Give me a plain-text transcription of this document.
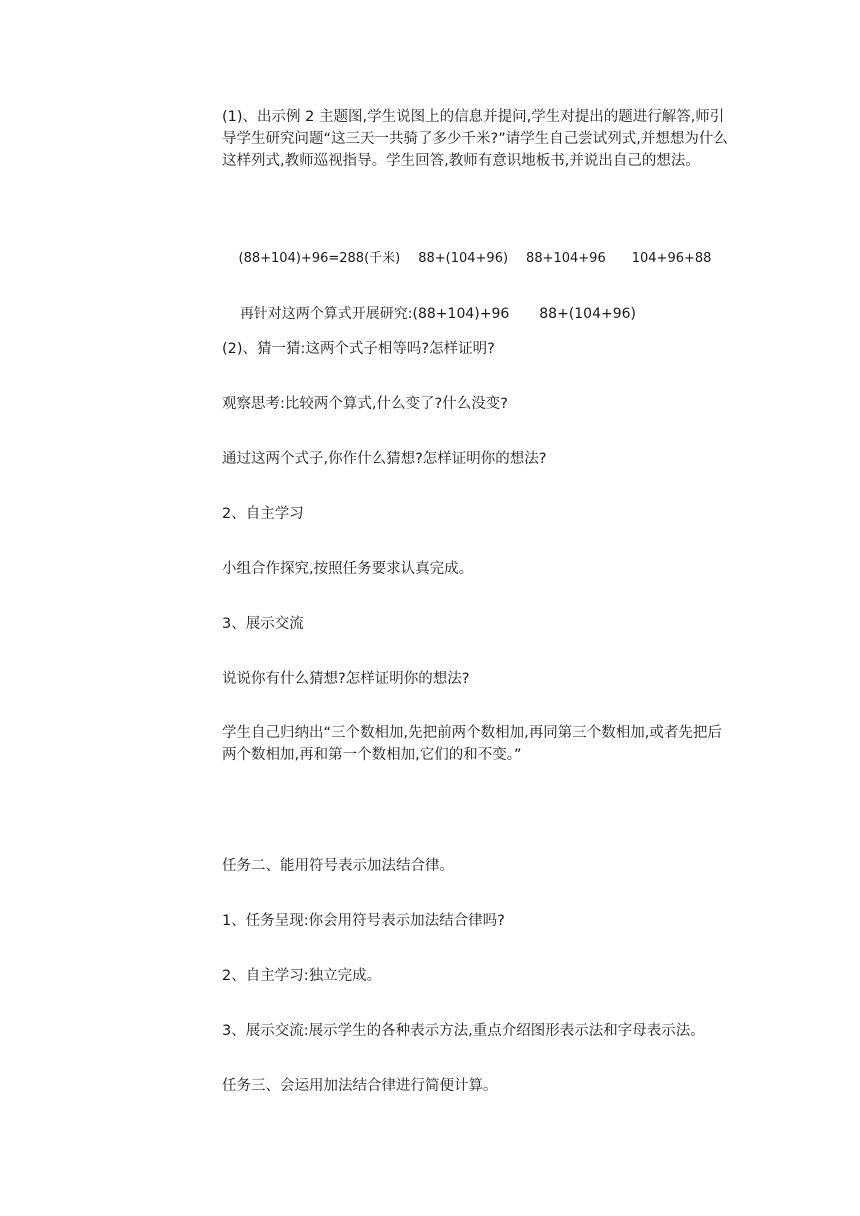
(1)、出示例 2 主题图,学生说图上的信息并提问,学生对提出的题进行解答,师引导学生研究问题“这三天一共骑了多少千米?”请学生自己尝试列式,并想想为什么这样列式,教师巡视指导。学生回答,教师有意识地板书,并说出自己的想法。

(88+104)+96=288(千米) 88+(104+96) 88+104+96 104+96+88

再针对这两个算式开展研究:(88+104)+96 88+(104+96)

(2)、猜一猜:这两个式子相等吗?怎样证明?
观察思考:比较两个算式,什么变了?什么没变?
通过这两个式子,你作什么猜想?怎样证明你的想法?
2、自主学习
小组合作探究,按照任务要求认真完成。
3、展示交流
说说你有什么猜想?怎样证明你的想法?
学生自己归纳出“三个数相加,先把前两个数相加,再同第三个数相加,或者先把后两个数相加,再和第一个数相加,它们的和不变。”
任务二、能用符号表示加法结合律。
1、任务呈现:你会用符号表示加法结合律吗?
2、自主学习:独立完成。
3、展示交流:展示学生的各种表示方法,重点介绍图形表示法和字母表示法。
任务三、会运用加法结合律进行简便计算。
